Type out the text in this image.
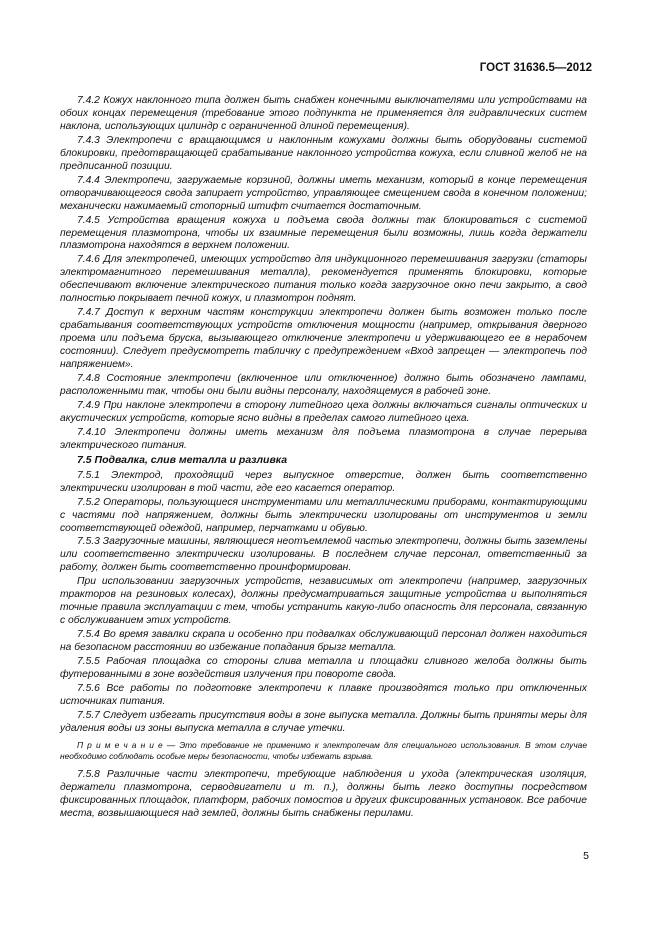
ГОСТ 31636.5—2012

7.4.2 Кожух наклонного типа должен быть снабжен конечными выключателями или устройствами на обоих концах перемещения (требование этого подпункта не применяется для гидравлических систем наклона, использующих цилиндр с ограниченной длиной перемещения).

7.4.3 Электропечи с вращающимся и наклонным кожухами должны быть оборудованы системой блокировки, предотвращающей срабатывание наклонного устройства кожуха, если сливной желоб не на предписанной позиции.

7.4.4 Электропечи, загружаемые корзиной, должны иметь механизм, который в конце перемещения отворачивающегося свода запирает устройство, управляющее смещением свода в конечном положении; механически нажимаемый стопорный штифт считается достаточным.

7.4.5 Устройства вращения кожуха и подъема свода должны так блокироваться с системой перемещения плазмотрона, чтобы их взаимные перемещения были возможны, лишь когда держатели плазмотрона находятся в верхнем положении.

7.4.6 Для электропечей, имеющих устройство для индукционного перемешивания загрузки (статоры электромагнитного перемешивания металла), рекомендуется применять блокировки, которые обеспечивают включение электрического питания только когда загрузочное окно печи закрыто, а свод полностью покрывает печной кожух, и плазмотрон поднят.

7.4.7 Доступ к верхним частям конструкции электропечи должен быть возможен только после срабатывания соответствующих устройств отключения мощности (например, открывания дверного проема или подъема бруска, вызывающего отключение электропечи и удерживающего ее в нерабочем состоянии). Следует предусмотреть табличку с предупреждением «Вход запрещен — электропечь под напряжением».

7.4.8 Состояние электропечи (включенное или отключенное) должно быть обозначено лампами, расположенными так, чтобы они были видны персоналу, находящемуся в рабочей зоне.

7.4.9 При наклоне электропечи в сторону литейного цеха должны включаться сигналы оптических и акустических устройств, которые ясно видны в пределах самого литейного цеха.

7.4.10 Электропечи должны иметь механизм для подъема плазмотрона в случае перерыва электрического питания.

7.5 Подвалка, слив металла и разливка

7.5.1 Электрод, проходящий через выпускное отверстие, должен быть соответственно электрически изолирован в той части, где его касается оператор.

7.5.2 Операторы, пользующиеся инструментами или металлическими приборами, контактирующими с частями под напряжением, должны быть электрически изолированы от инструментов и земли соответствующей одеждой, например, перчатками и обувью.

7.5.3 Загрузочные машины, являющиеся неотъемлемой частью электропечи, должны быть заземлены или соответственно электрически изолированы. В последнем случае персонал, ответственный за работу, должен быть соответственно проинформирован.

При использовании загрузочных устройств, независимых от электропечи (например, загрузочных тракторов на резиновых колесах), должны предусматриваться защитные устройства и выполняться точные правила эксплуатации с тем, чтобы устранить какую-либо опасность для персонала, связанную с обслуживанием этих устройств.

7.5.4 Во время завалки скрапа и особенно при подвалках обслуживающий персонал должен находиться на безопасном расстоянии во избежание попадания брызг металла.

7.5.5 Рабочая площадка со стороны слива металла и площадки сливного желоба должны быть футерованными в зоне воздействия излучения при повороте свода.

7.5.6 Все работы по подготовке электропечи к плавке производятся только при отключенных источниках питания.

7.5.7 Следует избегать присутствия воды в зоне выпуска металла. Должны быть приняты меры для удаления воды из зоны выпуска металла в случае утечки.

П р и м е ч а н и е — Это требование не применимо к электропечам для специального использования. В этом случае необходимо соблюдать особые меры безопасности, чтобы избежать взрыва.

7.5.8 Различные части электропечи, требующие наблюдения и ухода (электрическая изоляция, держатели плазмотрона, серводвигатели и т. п.), должны быть легко доступны посредством фиксированных площадок, платформ, рабочих помостов и других фиксированных установок. Все рабочие места, возвышающиеся над землей, должны быть снабжены перилами.

5
